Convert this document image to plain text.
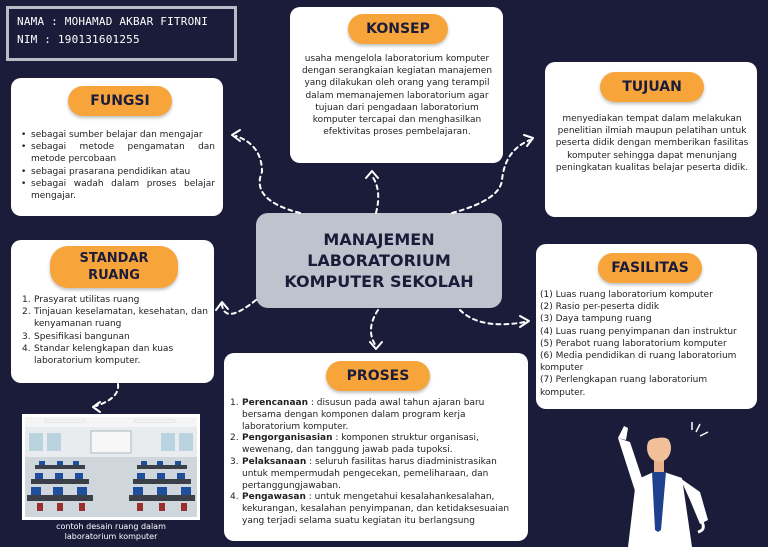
NAMA : MOHAMAD AKBAR FITRONI
NIM : 190131601255
KONSEP
usaha mengelola laboratorium komputer dengan serangkaian kegiatan manajemen yang dilakukan oleh orang yang terampil dalam memanajemen laboratorium agar tujuan dari pengadaan laboratorium komputer tercapai dan menghasilkan efektivitas proses pembelajaran.
TUJUAN
menyediakan tempat dalam melakukan penelitian ilmiah maupun pelatihan untuk peserta didik dengan memberikan fasilitas komputer sehingga dapat menunjang peningkatan kualitas belajar peserta didik.
FUNGSI
• sebagai sumber belajar dan mengajar
• sebagai metode pengamatan dan metode percobaan
• sebagai prasarana pendidikan atau
• sebagai wadah dalam proses belajar mengajar.
MANAJEMEN
LABORATORIUM
KOMPUTER SEKOLAH
STANDAR
RUANG
1. Prasyarat utilitas ruang
2. Tinjauan keselamatan, kesehatan, dan kenyamanan ruang
3. Spesifikasi bangunan
4. Standar kelengkapan dan kuas laboratorium komputer.
FASILITAS
(1) Luas ruang laboratorium komputer
(2) Rasio per-peserta didik
(3) Daya tampung ruang
(4) Luas ruang penyimpanan dan instruktur
(5) Perabot ruang laboratorium komputer
(6) Media pendidikan di ruang laboratorium komputer
(7) Perlengkapan ruang laboratorium komputer.
PROSES
1. Perencanaan : disusun pada awal tahun ajaran baru bersama dengan komponen dalam program kerja laboratorium komputer.
2. Pengorganisasian : komponen struktur organisasi, wewenang, dan tanggung jawab pada tupoksi.
3. Pelaksanaan : seluruh fasilitas harus diadministrasikan untuk mempermudah pengecekan, pemeliharaan, dan pertanggungjawaban.
4. Pengawasan : untuk mengetahui kesalahankesalahan, kekurangan, kesalahan penyimpanan, dan ketidaksesuaian yang terjadi selama suatu kegiatan itu berlangsung
contoh desain ruang dalam
laboratorium komputer
